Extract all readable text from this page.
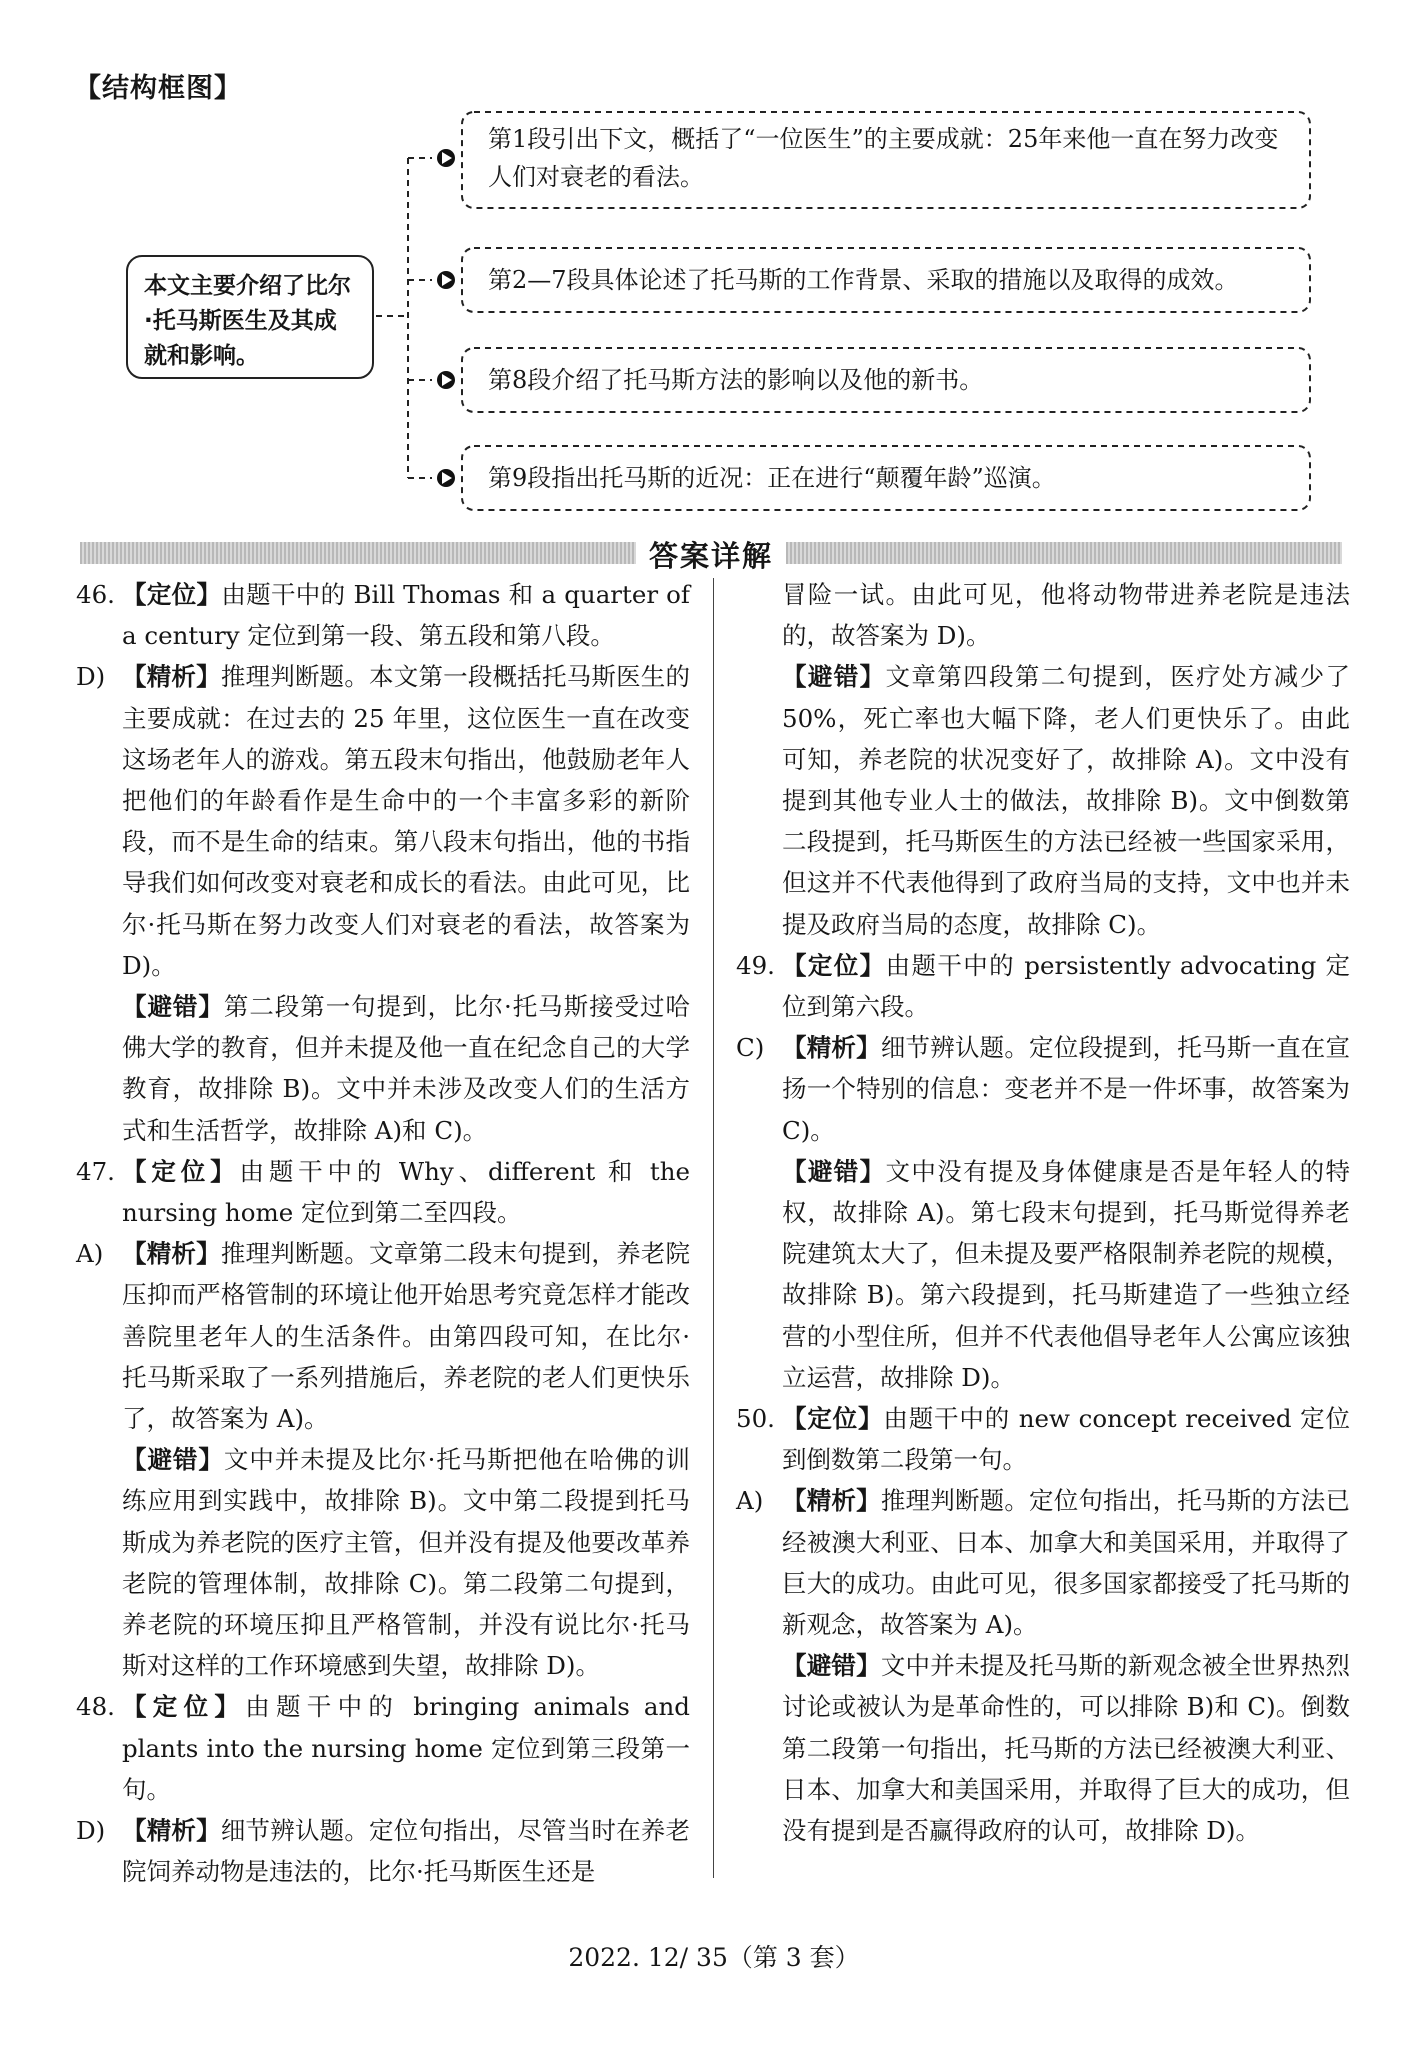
【结构框图】
本文主要介绍了比尔·托马斯医生及其成就和影响。
第1段引出下文，概括了“一位医生”的主要成就：25年来他一直在努力改变人们对衰老的看法。
第2—7段具体论述了托马斯的工作背景、采取的措施以及取得的成效。
第8段介绍了托马斯方法的影响以及他的新书。
第9段指出托马斯的近况：正在进行“颠覆年龄”巡演。
答案详解
46. 【定位】由题干中的 Bill Thomas 和 a quarter of a century 定位到第一段、第五段和第八段。
D) 【精析】推理判断题。本文第一段概括托马斯医生的主要成就：在过去的 25 年里，这位医生一直在改变这场老年人的游戏。第五段末句指出，他鼓励老年人把他们的年龄看作是生命中的一个丰富多彩的新阶段，而不是生命的结束。第八段末句指出，他的书指导我们如何改变对衰老和成长的看法。由此可见，比尔·托马斯在努力改变人们对衰老的看法，故答案为 D)。
【避错】第二段第一句提到，比尔·托马斯接受过哈佛大学的教育，但并未提及他一直在纪念自己的大学教育，故排除 B)。文中并未涉及改变人们的生活方式和生活哲学，故排除 A)和 C)。
47. 【定位】由题干中的 Why、different 和 the nursing home 定位到第二至四段。
A) 【精析】推理判断题。文章第二段末句提到，养老院压抑而严格管制的环境让他开始思考究竟怎样才能改善院里老年人的生活条件。由第四段可知，在比尔·托马斯采取了一系列措施后，养老院的老人们更快乐了，故答案为 A)。
【避错】文中并未提及比尔·托马斯把他在哈佛的训练应用到实践中，故排除 B)。文中第二段提到托马斯成为养老院的医疗主管，但并没有提及他要改革养老院的管理体制，故排除 C)。第二段第二句提到，养老院的环境压抑且严格管制，并没有说比尔·托马斯对这样的工作环境感到失望，故排除 D)。
48. 【定位】由题干中的 bringing animals and plants into the nursing home 定位到第三段第一句。
D) 【精析】细节辨认题。定位句指出，尽管当时在养老院饲养动物是违法的，比尔·托马斯医生还是
冒险一试。由此可见，他将动物带进养老院是违法的，故答案为 D)。
【避错】文章第四段第二句提到，医疗处方减少了 50%，死亡率也大幅下降，老人们更快乐了。由此可知，养老院的状况变好了，故排除 A)。文中没有提到其他专业人士的做法，故排除 B)。文中倒数第二段提到，托马斯医生的方法已经被一些国家采用，但这并不代表他得到了政府当局的支持，文中也并未提及政府当局的态度，故排除 C)。
49. 【定位】由题干中的 persistently advocating 定位到第六段。
C) 【精析】细节辨认题。定位段提到，托马斯一直在宣扬一个特别的信息：变老并不是一件坏事，故答案为 C)。
【避错】文中没有提及身体健康是否是年轻人的特权，故排除 A)。第七段末句提到，托马斯觉得养老院建筑太大了，但未提及要严格限制养老院的规模，故排除 B)。第六段提到，托马斯建造了一些独立经营的小型住所，但并不代表他倡导老年人公寓应该独立运营，故排除 D)。
50. 【定位】由题干中的 new concept received 定位到倒数第二段第一句。
A) 【精析】推理判断题。定位句指出，托马斯的方法已经被澳大利亚、日本、加拿大和美国采用，并取得了巨大的成功。由此可见，很多国家都接受了托马斯的新观念，故答案为 A)。
【避错】文中并未提及托马斯的新观念被全世界热烈讨论或被认为是革命性的，可以排除 B)和 C)。倒数第二段第一句指出，托马斯的方法已经被澳大利亚、日本、加拿大和美国采用，并取得了巨大的成功，但没有提到是否赢得政府的认可，故排除 D)。
2022. 12/ 35（第 3 套）
